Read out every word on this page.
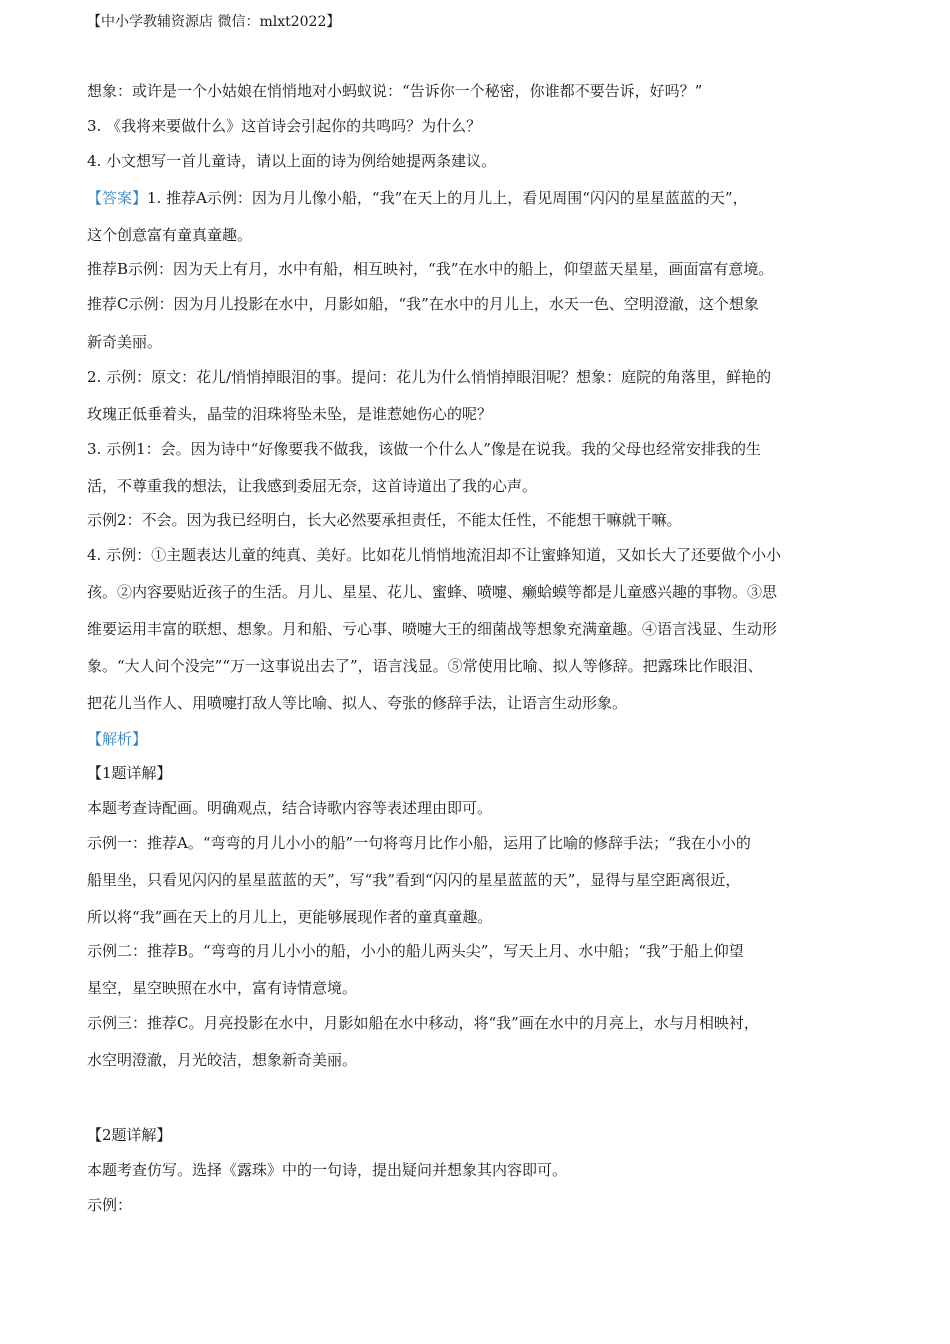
【中小学教辅资源店 微信：mlxt2022】
想象：或许是一个小姑娘在悄悄地对小蚂蚁说：“告诉你一个秘密，你谁都不要告诉，好吗？”
3. 《我将来要做什么》这首诗会引起你的共鸣吗？为什么？
4. 小文想写一首儿童诗，请以上面的诗为例给她提两条建议。
【答案】1. 推荐A示例：因为月儿像小船，“我”在天上的月儿上，看见周围“闪闪的星星蓝蓝的天”，
这个创意富有童真童趣。
推荐B示例：因为天上有月，水中有船，相互映衬，“我”在水中的船上，仰望蓝天星星，画面富有意境。
推荐C示例：因为月儿投影在水中，月影如船，“我”在水中的月儿上，水天一色、空明澄澈，这个想象
新奇美丽。
2. 示例：原文：花儿/悄悄掉眼泪的事。提问：花儿为什么悄悄掉眼泪呢？想象：庭院的角落里，鲜艳的
玫瑰正低垂着头，晶莹的泪珠将坠未坠，是谁惹她伤心的呢？
3. 示例1：会。因为诗中“好像要我不做我，该做一个什么人”像是在说我。我的父母也经常安排我的生
活，不尊重我的想法，让我感到委屈无奈，这首诗道出了我的心声。
示例2：不会。因为我已经明白，长大必然要承担责任，不能太任性，不能想干嘛就干嘛。
4. 示例：①主题表达儿童的纯真、美好。比如花儿悄悄地流泪却不让蜜蜂知道，又如长大了还要做个小小
孩。②内容要贴近孩子的生活。月儿、星星、花儿、蜜蜂、喷嚏、癞蛤蟆等都是儿童感兴趣的事物。③思
维要运用丰富的联想、想象。月和船、亏心事、喷嚏大王的细菌战等想象充满童趣。④语言浅显、生动形
象。“大人问个没完”“万一这事说出去了”，语言浅显。⑤常使用比喻、拟人等修辞。把露珠比作眼泪、
把花儿当作人、用喷嚏打敌人等比喻、拟人、夸张的修辞手法，让语言生动形象。
【解析】
【1题详解】
本题考查诗配画。明确观点，结合诗歌内容等表述理由即可。
示例一：推荐A。“弯弯的月儿小小的船”一句将弯月比作小船，运用了比喻的修辞手法；“我在小小的
船里坐，只看见闪闪的星星蓝蓝的天”，写“我”看到“闪闪的星星蓝蓝的天”，显得与星空距离很近，
所以将“我”画在天上的月儿上，更能够展现作者的童真童趣。
示例二：推荐B。“弯弯的月儿小小的船，小小的船儿两头尖”，写天上月、水中船；“我”于船上仰望
星空，星空映照在水中，富有诗情意境。
示例三：推荐C。月亮投影在水中，月影如船在水中移动，将“我”画在水中的月亮上，水与月相映衬，
水空明澄澈，月光皎洁，想象新奇美丽。
【2题详解】
本题考查仿写。选择《露珠》中的一句诗，提出疑问并想象其内容即可。
示例：
